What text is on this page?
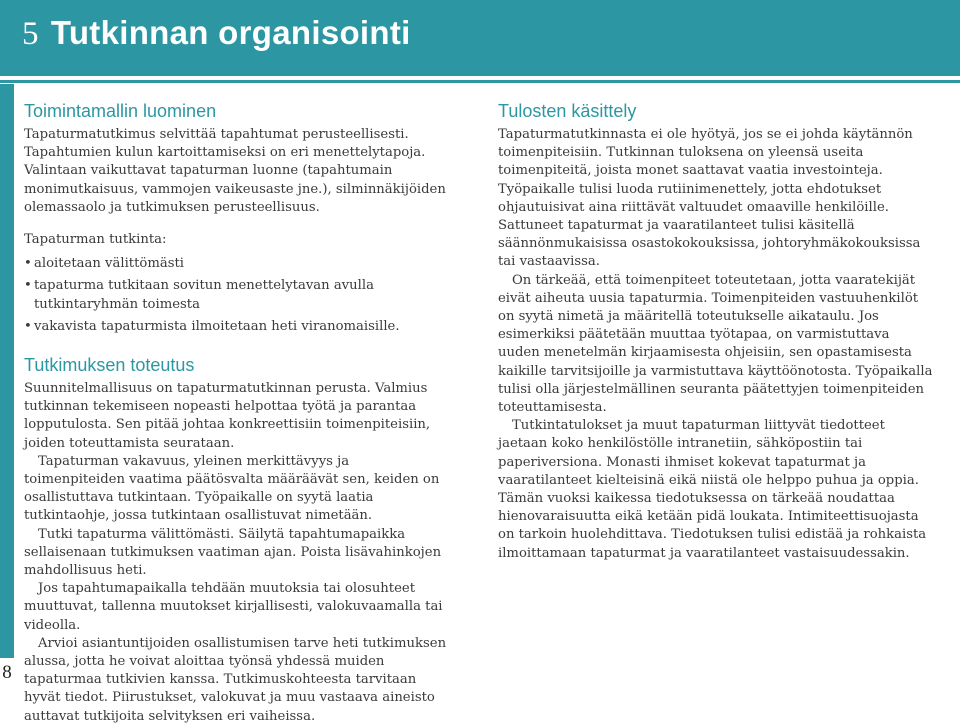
5 Tutkinnan organisointi
8
Toimintamallin luominen

Tapaturmatutkimus selvittää tapahtumat perusteellisesti. Tapahtumien kulun kartoittamiseksi on eri menettelytapoja. Valintaan vaikuttavat tapaturman luonne (tapahtumain monimutkaisuus, vammojen vaikeusaste jne.), silminnäkijöiden olemassaolo ja tutkimuksen perusteellisuus.

Tapaturman tutkinta:

• aloitetaan välittömästi
• tapaturma tutkitaan sovitun menettelytavan avulla tutkintaryhmän toimesta
• vakavista tapaturmista ilmoitetaan heti viranomaisille.
Tutkimuksen toteutus

Suunnitelmallisuus on tapaturmatutkinnan perusta. Valmius tutkinnan tekemiseen nopeasti helpottaa työtä ja parantaa lopputulosta. Sen pitää johtaa konkreettisiin toimenpiteisiin, joiden toteuttamista seurataan.

Tapaturman vakavuus, yleinen merkittävyys ja toimenpiteiden vaatima päätösvalta määräävät sen, keiden on osallistuttava tutkintaan. Työpaikalle on syytä laatia tutkintaohje, jossa tutkintaan osallistuvat nimetään.

Tutki tapaturma välittömästi. Säilytä tapahtumapaikka sellaisenaan tutkimuksen vaatiman ajan. Poista lisävahinkojen mahdollisuus heti.

Jos tapahtumapaikalla tehdään muutoksia tai olosuhteet muuttuvat, tallenna muutokset kirjallisesti, valokuvaamalla tai videolla.

Arvioi asiantuntijoiden osallistumisen tarve heti tutkimuksen alussa, jotta he voivat aloittaa työnsä yhdessä muiden tapaturmaa tutkivien kanssa. Tutkimuskohteesta tarvitaan hyvät tiedot. Piirustukset, valokuvat ja muu vastaava aineisto auttavat tutkijoita selvityksen eri vaiheissa.

Tulosten käsittely

Tapaturmatutkinnasta ei ole hyötyä, jos se ei johda käytännön toimenpiteisiin. Tutkinnan tuloksena on yleensä useita toimenpiteitä, joista monet saattavat vaatia investointeja. Työpaikalle tulisi luoda rutiinimenettely, jotta ehdotukset ohjautuisivat aina riittävät valtuudet omaaville henkilöille. Sattuneet tapaturmat ja vaaratilanteet tulisi käsitellä säännönmukaisissa osastokokouksissa, johtoryhmäkokouksissa tai vastaavissa.

On tärkeää, että toimenpiteet toteutetaan, jotta vaaratekijät eivät aiheuta uusia tapaturmia. Toimenpiteiden vastuuhenkilöt on syytä nimetä ja määritellä toteutukselle aikataulu. Jos esimerkiksi päätetään muuttaa työtapaa, on varmistuttava uuden menetelmän kirjaamisesta ohjeisiin, sen opastamisesta kaikille tarvitsijoille ja varmistuttava käyttöönotosta. Työpaikalla tulisi olla järjestelmällinen seuranta päätettyjen toimenpiteiden toteuttamisesta.

Tutkintatulokset ja muut tapaturman liittyvät tiedotteet jaetaan koko henkilöstölle intranetiin, sähköpostiin tai paperiversiona. Monasti ihmiset kokevat tapaturmat ja vaaratilanteet kielteisinä eikä niistä ole helppo puhua ja oppia. Tämän vuoksi kaikessa tiedotuksessa on tärkeää noudattaa hienovaraisuutta eikä ketään pidä loukata. Intimiteettisuojasta on tarkoin huolehdittava. Tiedotuksen tulisi edistää ja rohkaista ilmoittamaan tapaturmat ja vaaratilanteet vastaisuudessakin.
